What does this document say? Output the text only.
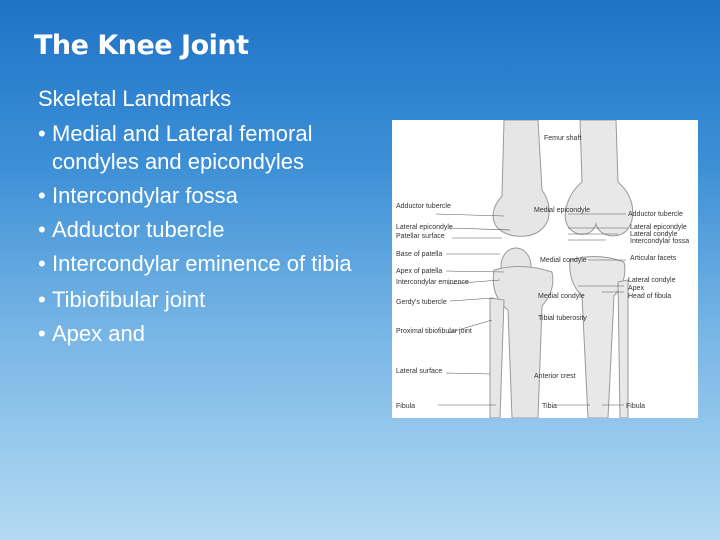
The Knee Joint

Skeletal Landmarks

• Medial and Lateral femoral condyles and epicondyles
• Intercondylar fossa
• Adductor tubercle
• Intercondylar eminence of tibia
• Tibiofibular joint
• Apex and
Femur shaft
Adductor tubercle
Medial epicondyle
Adductor tubercle
Lateral epicondyle
Patellar surface
Lateral epicondyle
Lateral condyle
Intercondylar fossa
Base of patella
Articular facets
Medial condyle
Apex of patella
Intercondylar eminence	Lateral condyle
Apex
Head of fibula
Gerdy's tubercle
Medial condyle
Tibial tuberosity
Proximal tibiofibular joint
Lateral surface
Anterior crest
Fibula	Tibia	Fibula
